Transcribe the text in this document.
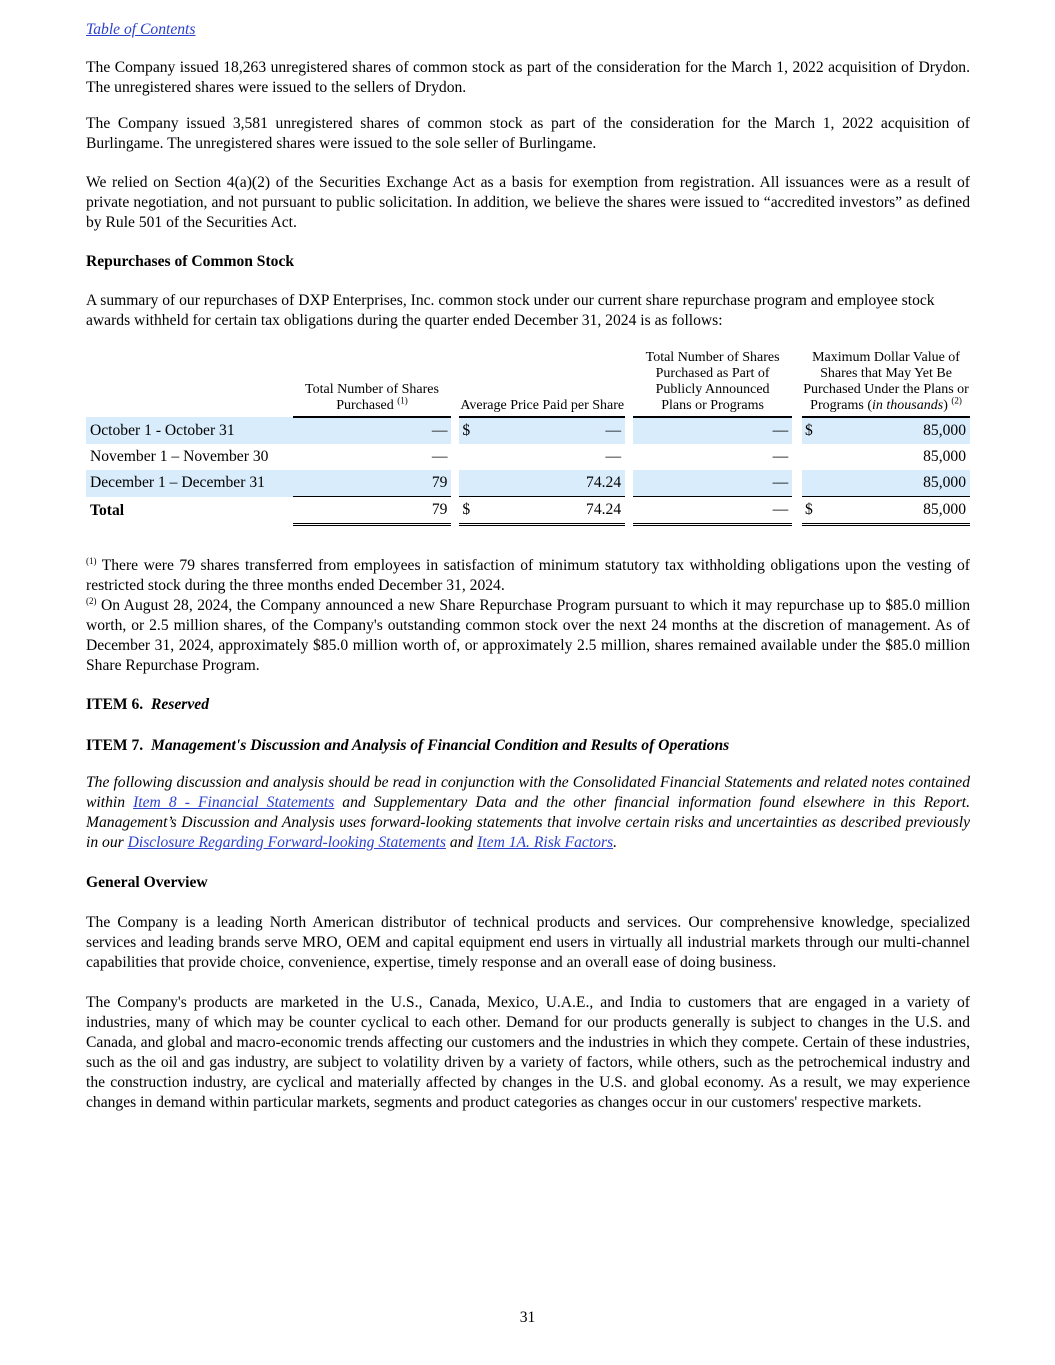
Table of Contents

The Company issued 18,263 unregistered shares of common stock as part of the consideration for the March 1, 2022 acquisition of Drydon. The unregistered shares were issued to the sellers of Drydon.

The Company issued 3,581 unregistered shares of common stock as part of the consideration for the March 1, 2022 acquisition of Burlingame. The unregistered shares were issued to the sole seller of Burlingame.

We relied on Section 4(a)(2) of the Securities Exchange Act as a basis for exemption from registration. All issuances were as a result of private negotiation, and not pursuant to public solicitation. In addition, we believe the shares were issued to “accredited investors” as defined by Rule 501 of the Securities Act.

Repurchases of Common Stock

A summary of our repurchases of DXP Enterprises, Inc. common stock under our current share repurchase program and employee stock awards withheld for certain tax obligations during the quarter ended December 31, 2024 is as follows:

		Total Number of Shares Purchased $^{(1)}$		Average Price Paid per Share			Total Number of Shares Purchased as Part of Publicly Announced Plans or Programs		Maximum Dollar Value of Shares that May Yet Be Purchased Under the Plans or Programs (in thousands) $^{(2)}$
October 1 - October 31		—		$	—		—		$	85,000
November 1 – November 30		—			—		—			85,000
December 1 – December 31		79			74.24		—			85,000
Total		79		$	74.24		—		$	85,000

$^{(1)}$ There were 79 shares transferred from employees in satisfaction of minimum statutory tax withholding obligations upon the vesting of restricted stock during the three months ended December 31, 2024.

$^{(2)}$ On August 28, 2024, the Company announced a new Share Repurchase Program pursuant to which it may repurchase up to $85.0 million worth, or 2.5 million shares, of the Company's outstanding common stock over the next 24 months at the discretion of management. As of December 31, 2024, approximately $85.0 million worth of, or approximately 2.5 million, shares remained available under the $85.0 million Share Repurchase Program.

ITEM 6. Reserved

ITEM 7. Management's Discussion and Analysis of Financial Condition and Results of Operations

The following discussion and analysis should be read in conjunction with the Consolidated Financial Statements and related notes contained within Item 8 - Financial Statements and Supplementary Data and the other financial information found elsewhere in this Report. Management’s Discussion and Analysis uses forward-looking statements that involve certain risks and uncertainties as described previously in our Disclosure Regarding Forward-looking Statements and Item 1A. Risk Factors.

General Overview

The Company is a leading North American distributor of technical products and services. Our comprehensive knowledge, specialized services and leading brands serve MRO, OEM and capital equipment end users in virtually all industrial markets through our multi-channel capabilities that provide choice, convenience, expertise, timely response and an overall ease of doing business.

The Company's products are marketed in the U.S., Canada, Mexico, U.A.E., and India to customers that are engaged in a variety of industries, many of which may be counter cyclical to each other. Demand for our products generally is subject to changes in the U.S. and Canada, and global and macro-economic trends affecting our customers and the industries in which they compete. Certain of these industries, such as the oil and gas industry, are subject to volatility driven by a variety of factors, while others, such as the petrochemical industry and the construction industry, are cyclical and materially affected by changes in the U.S. and global economy. As a result, we may experience changes in demand within particular markets, segments and product categories as changes occur in our customers' respective markets.

31
